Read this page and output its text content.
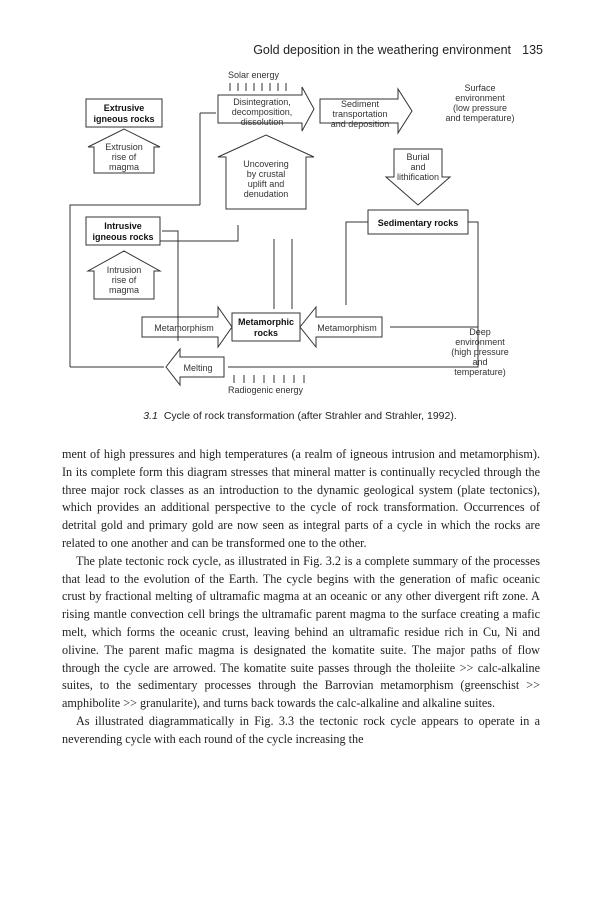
Gold deposition in the weathering environment 135
Solar energy
Extrusive
igneous rocks
Disintegration,
decomposition,
dissolution
Sediment
transportation
and deposition
Surface
environment
(low pressure
and temperature)
Extrusion
rise of
magma	Uncovering
by crustal
uplift and
denudation
Burial
and
lithification
Intrusive
igneous rocks
Sedimentary rocks
Intrusion
rise of
magma
Metamorphism
Metamorphic
rocks	Metamorphism	Deep
environment
(high pressure
and
temperature)
Melting
Radiogenic energy
3.1 Cycle of rock transformation (after Strahler and Strahler, 1992).

ment of high pressures and high temperatures (a realm of igneous intrusion and metamorphism). In its complete form this diagram stresses that mineral matter is continually recycled through the three major rock classes as an introduction to the dynamic geological system (plate tectonics), which provides an additional perspective to the cycle of rock transformation. Occurrences of detrital gold and primary gold are now seen as integral parts of a cycle in which the rocks are related to one another and can be transformed one to the other.

The plate tectonic rock cycle, as illustrated in Fig. 3.2 is a complete summary of the processes that lead to the evolution of the Earth. The cycle begins with the generation of mafic oceanic crust by fractional melting of ultramafic magma at an oceanic or any other divergent rift zone. A rising mantle convection cell brings the ultramafic parent magma to the surface creating a mafic melt, which forms the oceanic crust, leaving behind an ultramafic residue rich in Cu, Ni and olivine. The parent mafic magma is designated the komatite suite. The major paths of flow through the cycle are arrowed. The komatite suite passes through the tholeiite >> calc-alkaline suites, to the sedimentary processes through the Barrovian metamorphism (greenschist >> amphibolite >> granularite), and turns back towards the calc-alkaline and alkaline suites.

As illustrated diagrammatically in Fig. 3.3 the tectonic rock cycle appears to operate in a neverending cycle with each round of the cycle increasing the
